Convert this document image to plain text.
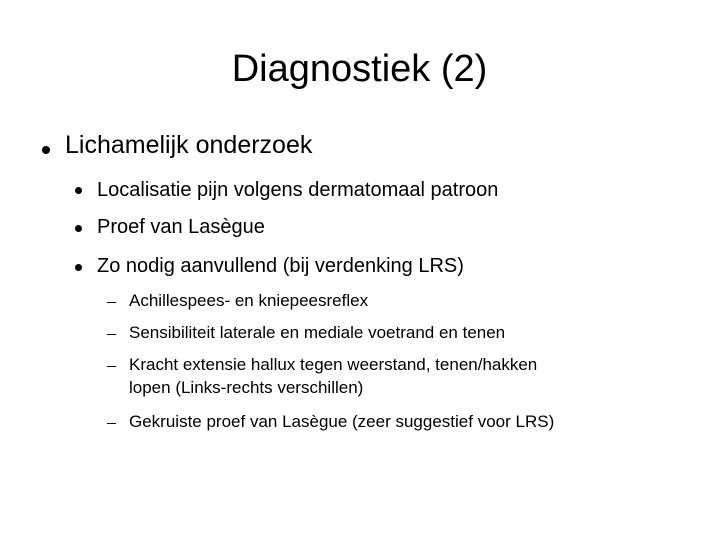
Diagnostiek (2)
Lichamelijk onderzoek
Localisatie pijn volgens dermatomaal patroon
Proef van Lasègue
Zo nodig aanvullend (bij verdenking LRS)
Achillespees- en kniepeesreflex
Sensibiliteit laterale en mediale voetrand en tenen
Kracht extensie hallux tegen weerstand, tenen/hakken
lopen (Links-rechts verschillen)
Gekruiste proef van Lasègue (zeer suggestief voor LRS)
